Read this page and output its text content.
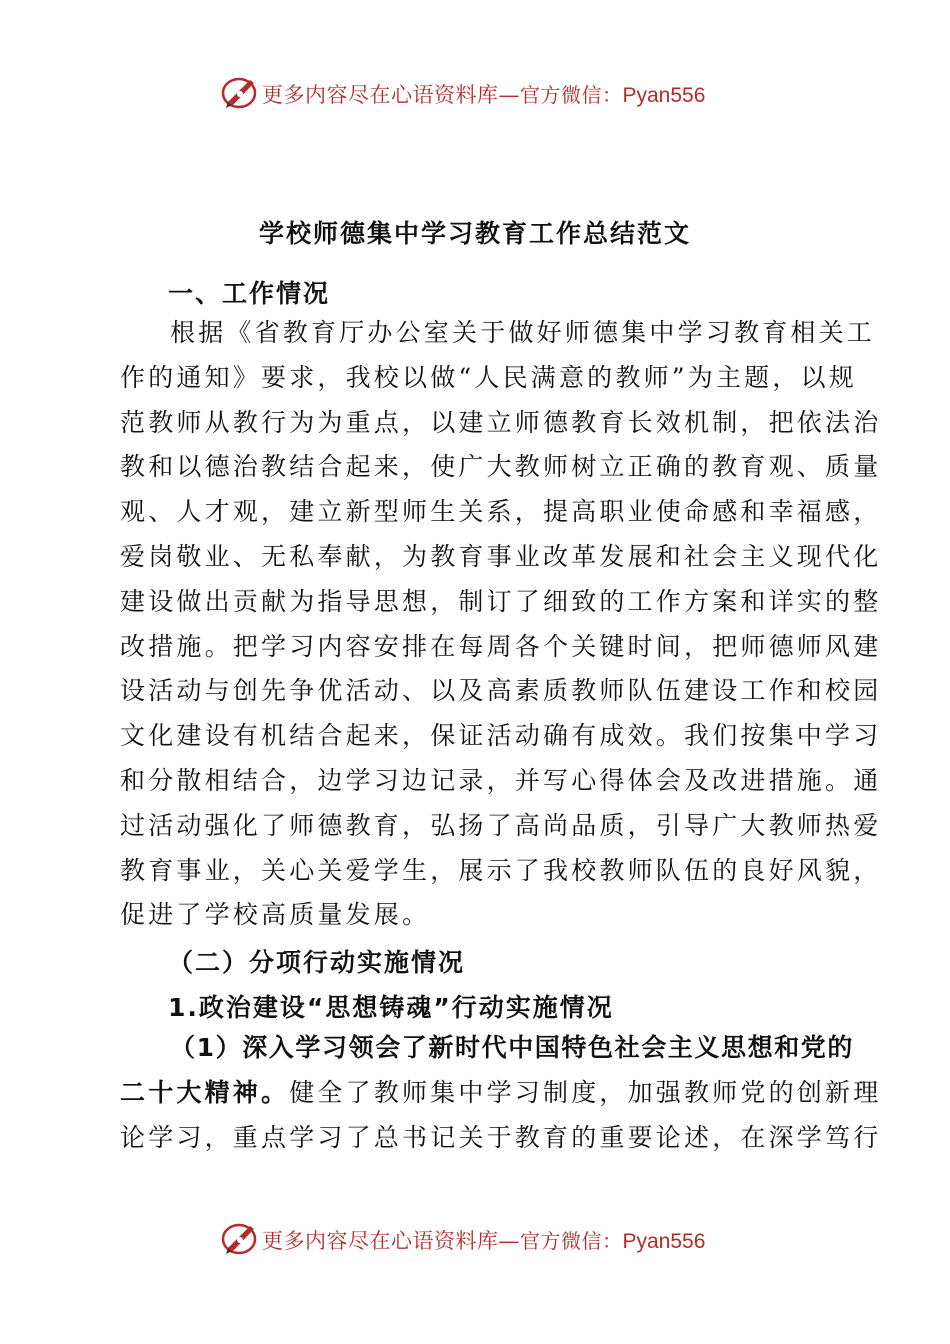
更多内容尽在心语资料库—官方微信：Pyan556
学校师德集中学习教育工作总结范文
一、工作情况
根据《省教育厅办公室关于做好师德集中学习教育相关工
作的通知》要求，我校以做“人民满意的教师”为主题，以规
范教师从教行为为重点，以建立师德教育长效机制，把依法治
教和以德治教结合起来，使广大教师树立正确的教育观、质量
观、人才观，建立新型师生关系，提高职业使命感和幸福感，
爱岗敬业、无私奉献，为教育事业改革发展和社会主义现代化
建设做出贡献为指导思想，制订了细致的工作方案和详实的整
改措施。把学习内容安排在每周各个关键时间，把师德师风建
设活动与创先争优活动、以及高素质教师队伍建设工作和校园
文化建设有机结合起来，保证活动确有成效。我们按集中学习
和分散相结合，边学习边记录，并写心得体会及改进措施。通
过活动强化了师德教育，弘扬了高尚品质，引导广大教师热爱
教育事业，关心关爱学生，展示了我校教师队伍的良好风貌，
促进了学校高质量发展。
（二）分项行动实施情况
1.政治建设“思想铸魂”行动实施情况
（1）深入学习领会了新时代中国特色社会主义思想和党的
二十大精神。健全了教师集中学习制度，加强教师党的创新理
论学习，重点学习了总书记关于教育的重要论述，在深学笃行
更多内容尽在心语资料库—官方微信：Pyan556
